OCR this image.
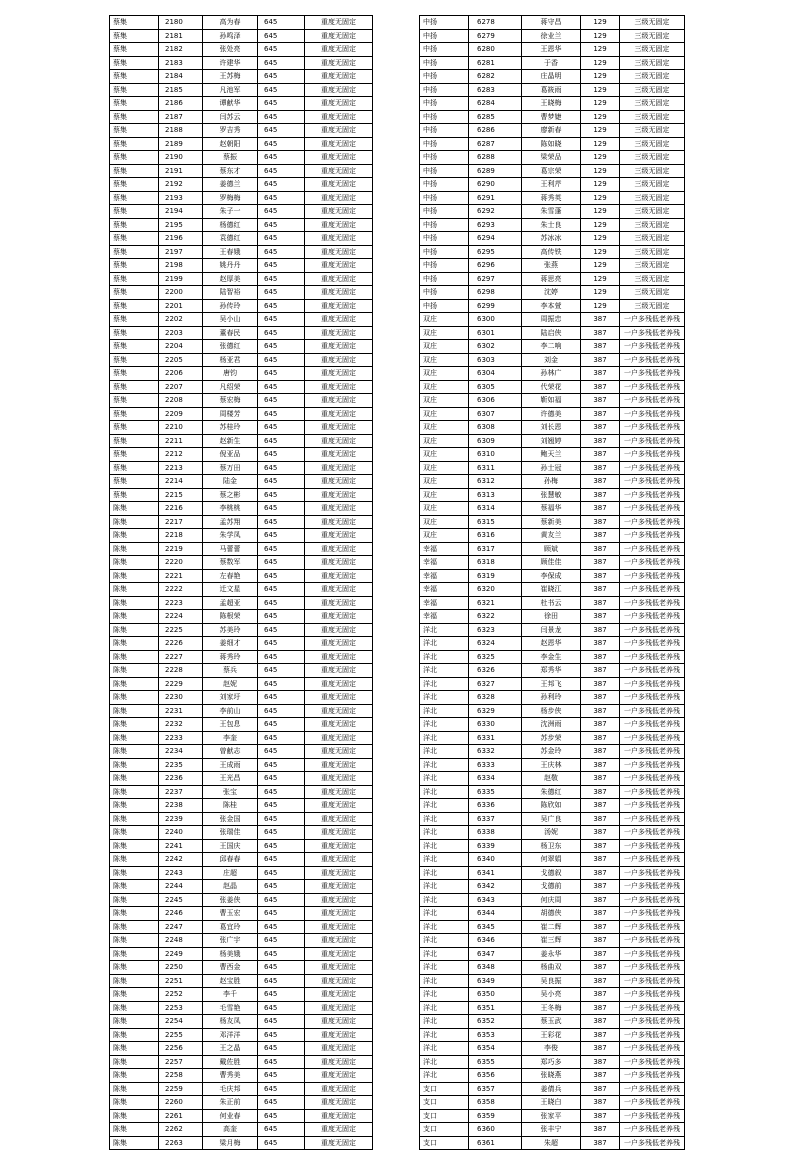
蔡集	2180	高为春	645	重度无固定
蔡集	2181	孙鸣泽	645	重度无固定
蔡集	2182	张处亮	645	重度无固定
蔡集	2183	许建华	645	重度无固定
蔡集	2184	王苏梅	645	重度无固定
蔡集	2185	凡池军	645	重度无固定
蔡集	2186	谭献华	645	重度无固定
蔡集	2187	闫苏云	645	重度无固定
蔡集	2188	罗吉秀	645	重度无固定
蔡集	2189	赵朝阳	645	重度无固定
蔡集	2190	蔡振	645	重度无固定
蔡集	2191	蔡东才	645	重度无固定
蔡集	2192	姜德兰	645	重度无固定
蔡集	2193	罗梅梅	645	重度无固定
蔡集	2194	朱子一	645	重度无固定
蔡集	2195	杨德红	645	重度无固定
蔡集	2196	袁德红	645	重度无固定
蔡集	2197	王春娥	645	重度无固定
蔡集	2198	姚丹丹	645	重度无固定
蔡集	2199	赵厚美	645	重度无固定
蔡集	2200	陆智裕	645	重度无固定
蔡集	2201	孙传玲	645	重度无固定
蔡集	2202	吴小山	645	重度无固定
蔡集	2203	董春民	645	重度无固定
蔡集	2204	张德红	645	重度无固定
蔡集	2205	杨亚君	645	重度无固定
蔡集	2206	唐钧	645	重度无固定
蔡集	2207	凡绍荣	645	重度无固定
蔡集	2208	蔡宏梅	645	重度无固定
蔡集	2209	周楼芳	645	重度无固定
蔡集	2210	苏桂玲	645	重度无固定
蔡集	2211	赵新生	645	重度无固定
蔡集	2212	倪亚品	645	重度无固定
蔡集	2213	蔡万田	645	重度无固定
蔡集	2214	陆金	645	重度无固定
蔡集	2215	蔡之彬	645	重度无固定
陈集	2216	李桃桃	645	重度无固定
陈集	2217	孟苏翔	645	重度无固定
陈集	2218	朱学凤	645	重度无固定
陈集	2219	马蕾蕾	645	重度无固定
陈集	2220	蔡数军	645	重度无固定
陈集	2221	左春艳	645	重度无固定
陈集	2222	迁文星	645	重度无固定
陈集	2223	孟超亚	645	重度无固定
陈集	2224	陈根荣	645	重度无固定
陈集	2225	苏美玲	645	重度无固定
陈集	2226	姜细才	645	重度无固定
陈集	2227	蒋秀玲	645	重度无固定
陈集	2228	蔡兵	645	重度无固定
陈集	2229	赵妮	645	重度无固定
陈集	2230	刘家圩	645	重度无固定
陈集	2231	李前山	645	重度无固定
陈集	2232	王包息	645	重度无固定
陈集	2233	李奎	645	重度无固定
陈集	2234	曾献志	645	重度无固定
陈集	2235	王成雨	645	重度无固定
陈集	2236	王光昌	645	重度无固定
陈集	2237	张宝	645	重度无固定
陈集	2238	陈桂	645	重度无固定
陈集	2239	张金国	645	重度无固定
陈集	2240	张瑞佳	645	重度无固定
陈集	2241	王国庆	645	重度无固定
陈集	2242	邱春春	645	重度无固定
陈集	2243	庄超	645	重度无固定
陈集	2244	赵晶	645	重度无固定
陈集	2245	张姜侠	645	重度无固定
陈集	2246	曹玉宏	645	重度无固定
陈集	2247	葛宜玲	645	重度无固定
陈集	2248	张广宇	645	重度无固定
陈集	2249	杨美娥	645	重度无固定
陈集	2250	曹西金	645	重度无固定
陈集	2251	赵宝胜	645	重度无固定
陈集	2252	李千	645	重度无固定
陈集	2253	毛雪艳	645	重度无固定
陈集	2254	杨友凤	645	重度无固定
陈集	2255	邓洋洋	645	重度无固定
陈集	2256	王之晶	645	重度无固定
陈集	2257	戴佐胜	645	重度无固定
陈集	2258	曹秀美	645	重度无固定
陈集	2259	毛庆邦	645	重度无固定
陈集	2260	朱正前	645	重度无固定
陈集	2261	何业春	645	重度无固定
陈集	2262	高奎	645	重度无固定
陈集	2263	梁月梅	645	重度无固定
中扬	6278	蒋守昌	129	三级无固定
中扬	6279	徐业兰	129	三级无固定
中扬	6280	王恩华	129	三级无固定
中扬	6281	于香	129	三级无固定
中扬	6282	庄晶明	129	三级无固定
中扬	6283	葛筱雨	129	三级无固定
中扬	6284	王晓梅	129	三级无固定
中扬	6285	曹梦婕	129	三级无固定
中扬	6286	廖新春	129	三级无固定
中扬	6287	陈如晓	129	三级无固定
中扬	6288	梁荣品	129	三级无固定
中扬	6289	葛宗荣	129	三级无固定
中扬	6290	王利芹	129	三级无固定
中扬	6291	蒋秀英	129	三级无固定
中扬	6292	朱雪蓬	129	三级无固定
中扬	6293	朱士良	129	三级无固定
中扬	6294	苏冰冰	129	三级无固定
中扬	6295	高传铁	129	三级无固定
中扬	6296	张燕	129	三级无固定
中扬	6297	蒋思亮	129	三级无固定
中扬	6298	沈婷	129	三级无固定
中扬	6299	李本萱	129	三级无固定
双庄	6300	周振忠	387	一户多残低老养残
双庄	6301	陆启侠	387	一户多残低老养残
双庄	6302	李二响	387	一户多残低老养残
双庄	6303	刘金	387	一户多残低老养残
双庄	6304	孙林广	387	一户多残低老养残
双庄	6305	代荣花	387	一户多残低老养残
双庄	6306	靳如福	387	一户多残低老养残
双庄	6307	许德美	387	一户多残低老养残
双庄	6308	刘长恩	387	一户多残低老养残
双庄	6309	刘翘婷	387	一户多残低老养残
双庄	6310	鲍天兰	387	一户多残低老养残
双庄	6311	孙士冠	387	一户多残低老养残
双庄	6312	孙梅	387	一户多残低老养残
双庄	6313	张慧敏	387	一户多残低老养残
双庄	6314	蔡福华	387	一户多残低老养残
双庄	6315	蔡新美	387	一户多残低老养残
双庄	6316	黄友兰	387	一户多残低老养残
幸福	6317	顾斌	387	一户多残低老养残
幸福	6318	顾佳佳	387	一户多残低老养残
幸福	6319	李保成	387	一户多残低老养残
幸福	6320	崔晓江	387	一户多残低老养残
幸福	6321	杜书云	387	一户多残低老养残
幸福	6322	徐田	387	一户多残低老养残
洋北	6323	闫景龙	387	一户多残低老养残
洋北	6324	赵恩华	387	一户多残低老养残
洋北	6325	李金生	387	一户多残低老养残
洋北	6326	郑秀华	387	一户多残低老养残
洋北	6327	王邦飞	387	一户多残低老养残
洋北	6328	孙利玲	387	一户多残低老养残
洋北	6329	杨步侠	387	一户多残低老养残
洋北	6330	沈洲雨	387	一户多残低老养残
洋北	6331	苏步荣	387	一户多残低老养残
洋北	6332	苏金玲	387	一户多残低老养残
洋北	6333	王庆林	387	一户多残低老养残
洋北	6334	赵敬	387	一户多残低老养残
洋北	6335	朱德红	387	一户多残低老养残
洋北	6336	陈欣如	387	一户多残低老养残
洋北	6337	吴广良	387	一户多残低老养残
洋北	6338	汤妮	387	一户多残低老养残
洋北	6339	杨卫东	387	一户多残低老养残
洋北	6340	何翠娟	387	一户多残低老养残
洋北	6341	戈德叙	387	一户多残低老养残
洋北	6342	戈德前	387	一户多残低老养残
洋北	6343	何庆周	387	一户多残低老养残
洋北	6344	胡德侠	387	一户多残低老养残
洋北	6345	崔二辉	387	一户多残低老养残
洋北	6346	崔三辉	387	一户多残低老养残
洋北	6347	姜永华	387	一户多残低老养残
洋北	6348	杨曲双	387	一户多残低老养残
洋北	6349	吴良振	387	一户多残低老养残
洋北	6350	吴小亮	387	一户多残低老养残
洋北	6351	王冬梅	387	一户多残低老养残
洋北	6352	蔡玉武	387	一户多残低老养残
洋北	6353	王彩花	387	一户多残低老养残
洋北	6354	李俊	387	一户多残低老养残
洋北	6355	郑巧多	387	一户多残低老养残
洋北	6356	张晓燕	387	一户多残低老养残
支口	6357	姜倩兵	387	一户多残低老养残
支口	6358	王晓白	387	一户多残低老养残
支口	6359	张家平	387	一户多残低老养残
支口	6360	张丰宁	387	一户多残低老养残
支口	6361	朱超	387	一户多残低老养残
